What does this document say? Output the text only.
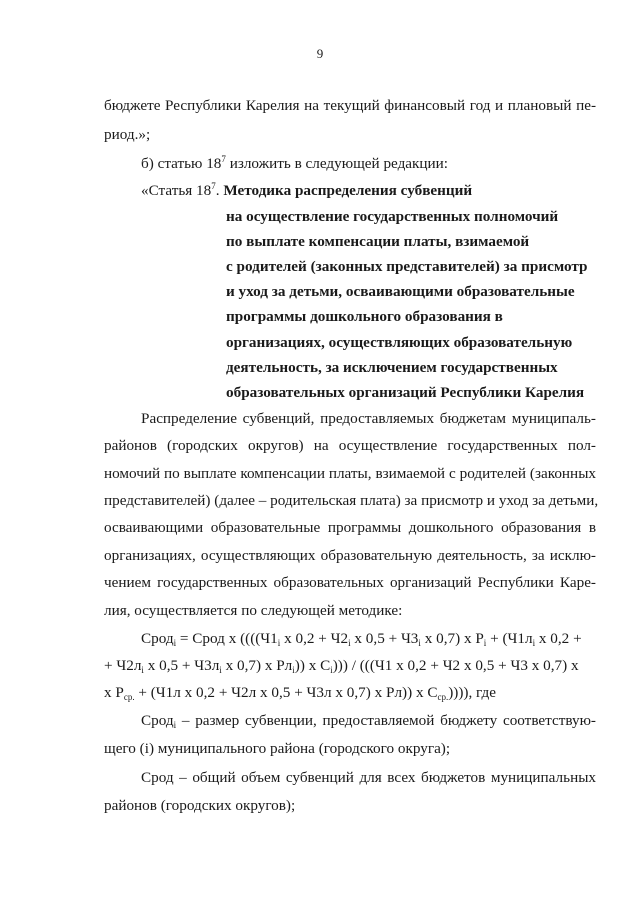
9
бюджете Республики Карелия на текущий финансовый год и плановый пе-
риод.»;
б) статью $18^7$ изложить в следующей редакции:
«Статья $18^7$. Методика распределения субвенций
на осуществление государственных полномочий
по выплате компенсации платы, взимаемой
с родителей (законных представителей) за присмотр
и уход за детьми, осваивающими образовательные
программы дошкольного образования в
организациях, осуществляющих образовательную
деятельность, за исключением государственных
образовательных организаций Республики Карелия
Распределение субвенций, предоставляемых бюджетам муниципаль-
районов (городских округов) на осуществление государственных пол-
номочий по выплате компенсации платы, взимаемой с родителей (законных
представителей) (далее – родительская плата) за присмотр и уход за детьми,
осваивающими образовательные программы дошкольного образования в
организациях, осуществляющих образовательную деятельность, за исклю-
чением государственных образовательных организаций Республики Каре-
лия, осуществляется по следующей методике:
Срод$_i$ = Срод х (((($Ч1_i$ х $0,2 + Ч2_i$ х $0,5 + Ч3_i$ х 0,7) х $Р_i + (Ч1л_i$ х 0,2 +
+ $Ч2л_i$ х $0,5 + Ч3л_i$ х 0,7) х $Рл_i$)) х $С_i))) / (((Ч1$ х 0,2 + Ч2 х 0,5 + Ч3 х 0,7) х
х $Р_{ср.} + (Ч1л$ х 0,2 + Ч2л х 0,5 + Ч3л х 0,7) х Рл)) х $С_{ср.}$)))), где
Срод$_i$ – размер субвенции, предоставляемой бюджету соответствую-
щего (i) муниципального района (городского округа);
Срод – общий объем субвенций для всех бюджетов муниципальных
районов (городских округов);
